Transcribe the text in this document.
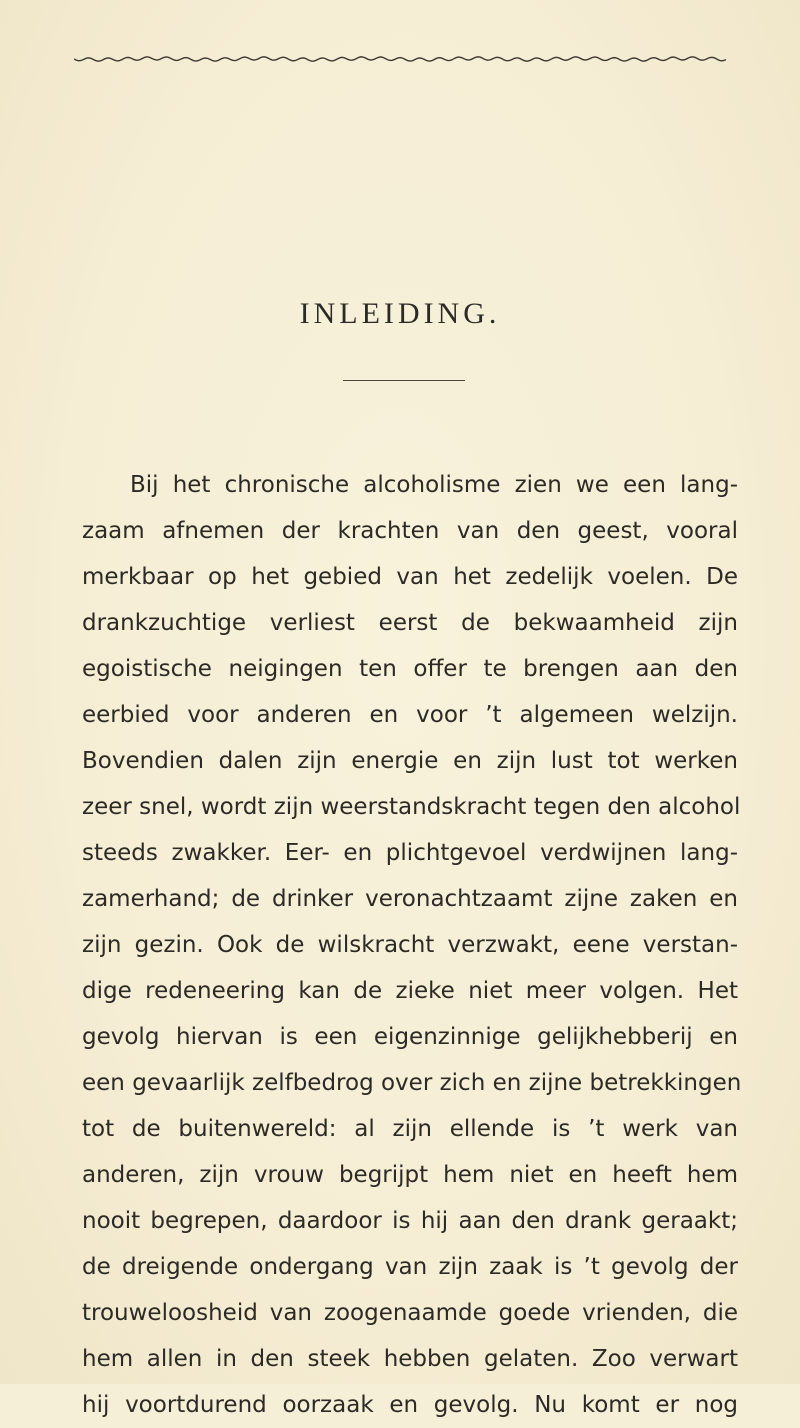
INLEIDING.
Bij het chronische alcoholisme zien we een lang-
zaam afnemen der krachten van den geest, vooral
merkbaar op het gebied van het zedelijk voelen. De
drankzuchtige verliest eerst de bekwaamheid zijn
egoistische neigingen ten offer te brengen aan den
eerbied voor anderen en voor ’t algemeen welzijn.
Bovendien dalen zijn energie en zijn lust tot werken
zeer snel, wordt zijn weerstandskracht tegen den alcohol
steeds zwakker. Eer- en plichtgevoel verdwijnen lang-
zamerhand; de drinker veronachtzaamt zijne zaken en
zijn gezin. Ook de wilskracht verzwakt, eene verstan-
dige redeneering kan de zieke niet meer volgen. Het
gevolg hiervan is een eigenzinnige gelijkhebberij en
een gevaarlijk zelfbedrog over zich en zijne betrekkingen
tot de buitenwereld: al zijn ellende is ’t werk van
anderen, zijn vrouw begrijpt hem niet en heeft hem
nooit begrepen, daardoor is hij aan den drank geraakt;
de dreigende ondergang van zijn zaak is ’t gevolg der
trouweloosheid van zoogenaamde goede vrienden, die
hem allen in den steek hebben gelaten. Zoo verwart
hij voortdurend oorzaak en gevolg. Nu komt er nog
